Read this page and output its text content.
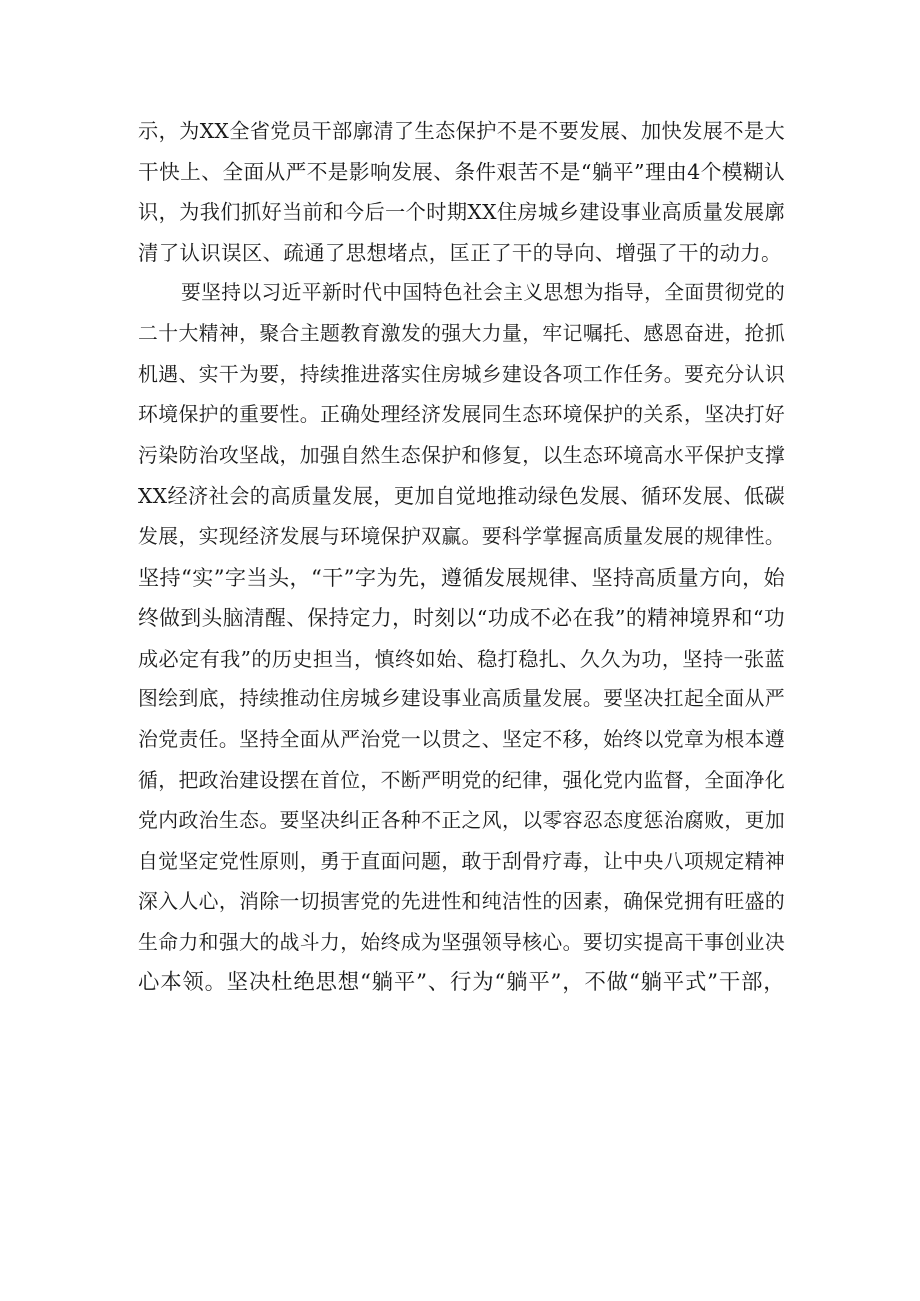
示，为XX全省党员干部廓清了生态保护不是不要发展、加快发展不是大
干快上、全面从严不是影响发展、条件艰苦不是“躺平”理由4个模糊认
识，为我们抓好当前和今后一个时期XX住房城乡建设事业高质量发展廓
清了认识误区、疏通了思想堵点，匡正了干的导向、增强了干的动力。
要坚持以习近平新时代中国特色社会主义思想为指导，全面贯彻党的
二十大精神，聚合主题教育激发的强大力量，牢记嘱托、感恩奋进，抢抓
机遇、实干为要，持续推进落实住房城乡建设各项工作任务。要充分认识
环境保护的重要性。正确处理经济发展同生态环境保护的关系，坚决打好
污染防治攻坚战，加强自然生态保护和修复，以生态环境高水平保护支撑
XX经济社会的高质量发展，更加自觉地推动绿色发展、循环发展、低碳
发展，实现经济发展与环境保护双赢。要科学掌握高质量发展的规律性。
坚持“实”字当头，“干”字为先，遵循发展规律、坚持高质量方向，始
终做到头脑清醒、保持定力，时刻以“功成不必在我”的精神境界和“功
成必定有我”的历史担当，慎终如始、稳打稳扎、久久为功，坚持一张蓝
图绘到底，持续推动住房城乡建设事业高质量发展。要坚决扛起全面从严
治党责任。坚持全面从严治党一以贯之、坚定不移，始终以党章为根本遵
循，把政治建设摆在首位，不断严明党的纪律，强化党内监督，全面净化
党内政治生态。要坚决纠正各种不正之风，以零容忍态度惩治腐败，更加
自觉坚定党性原则，勇于直面问题，敢于刮骨疗毒，让中央八项规定精神
深入人心，消除一切损害党的先进性和纯洁性的因素，确保党拥有旺盛的
生命力和强大的战斗力，始终成为坚强领导核心。要切实提高干事创业决
心本领。坚决杜绝思想“躺平”、行为“躺平”，不做“躺平式”干部，
